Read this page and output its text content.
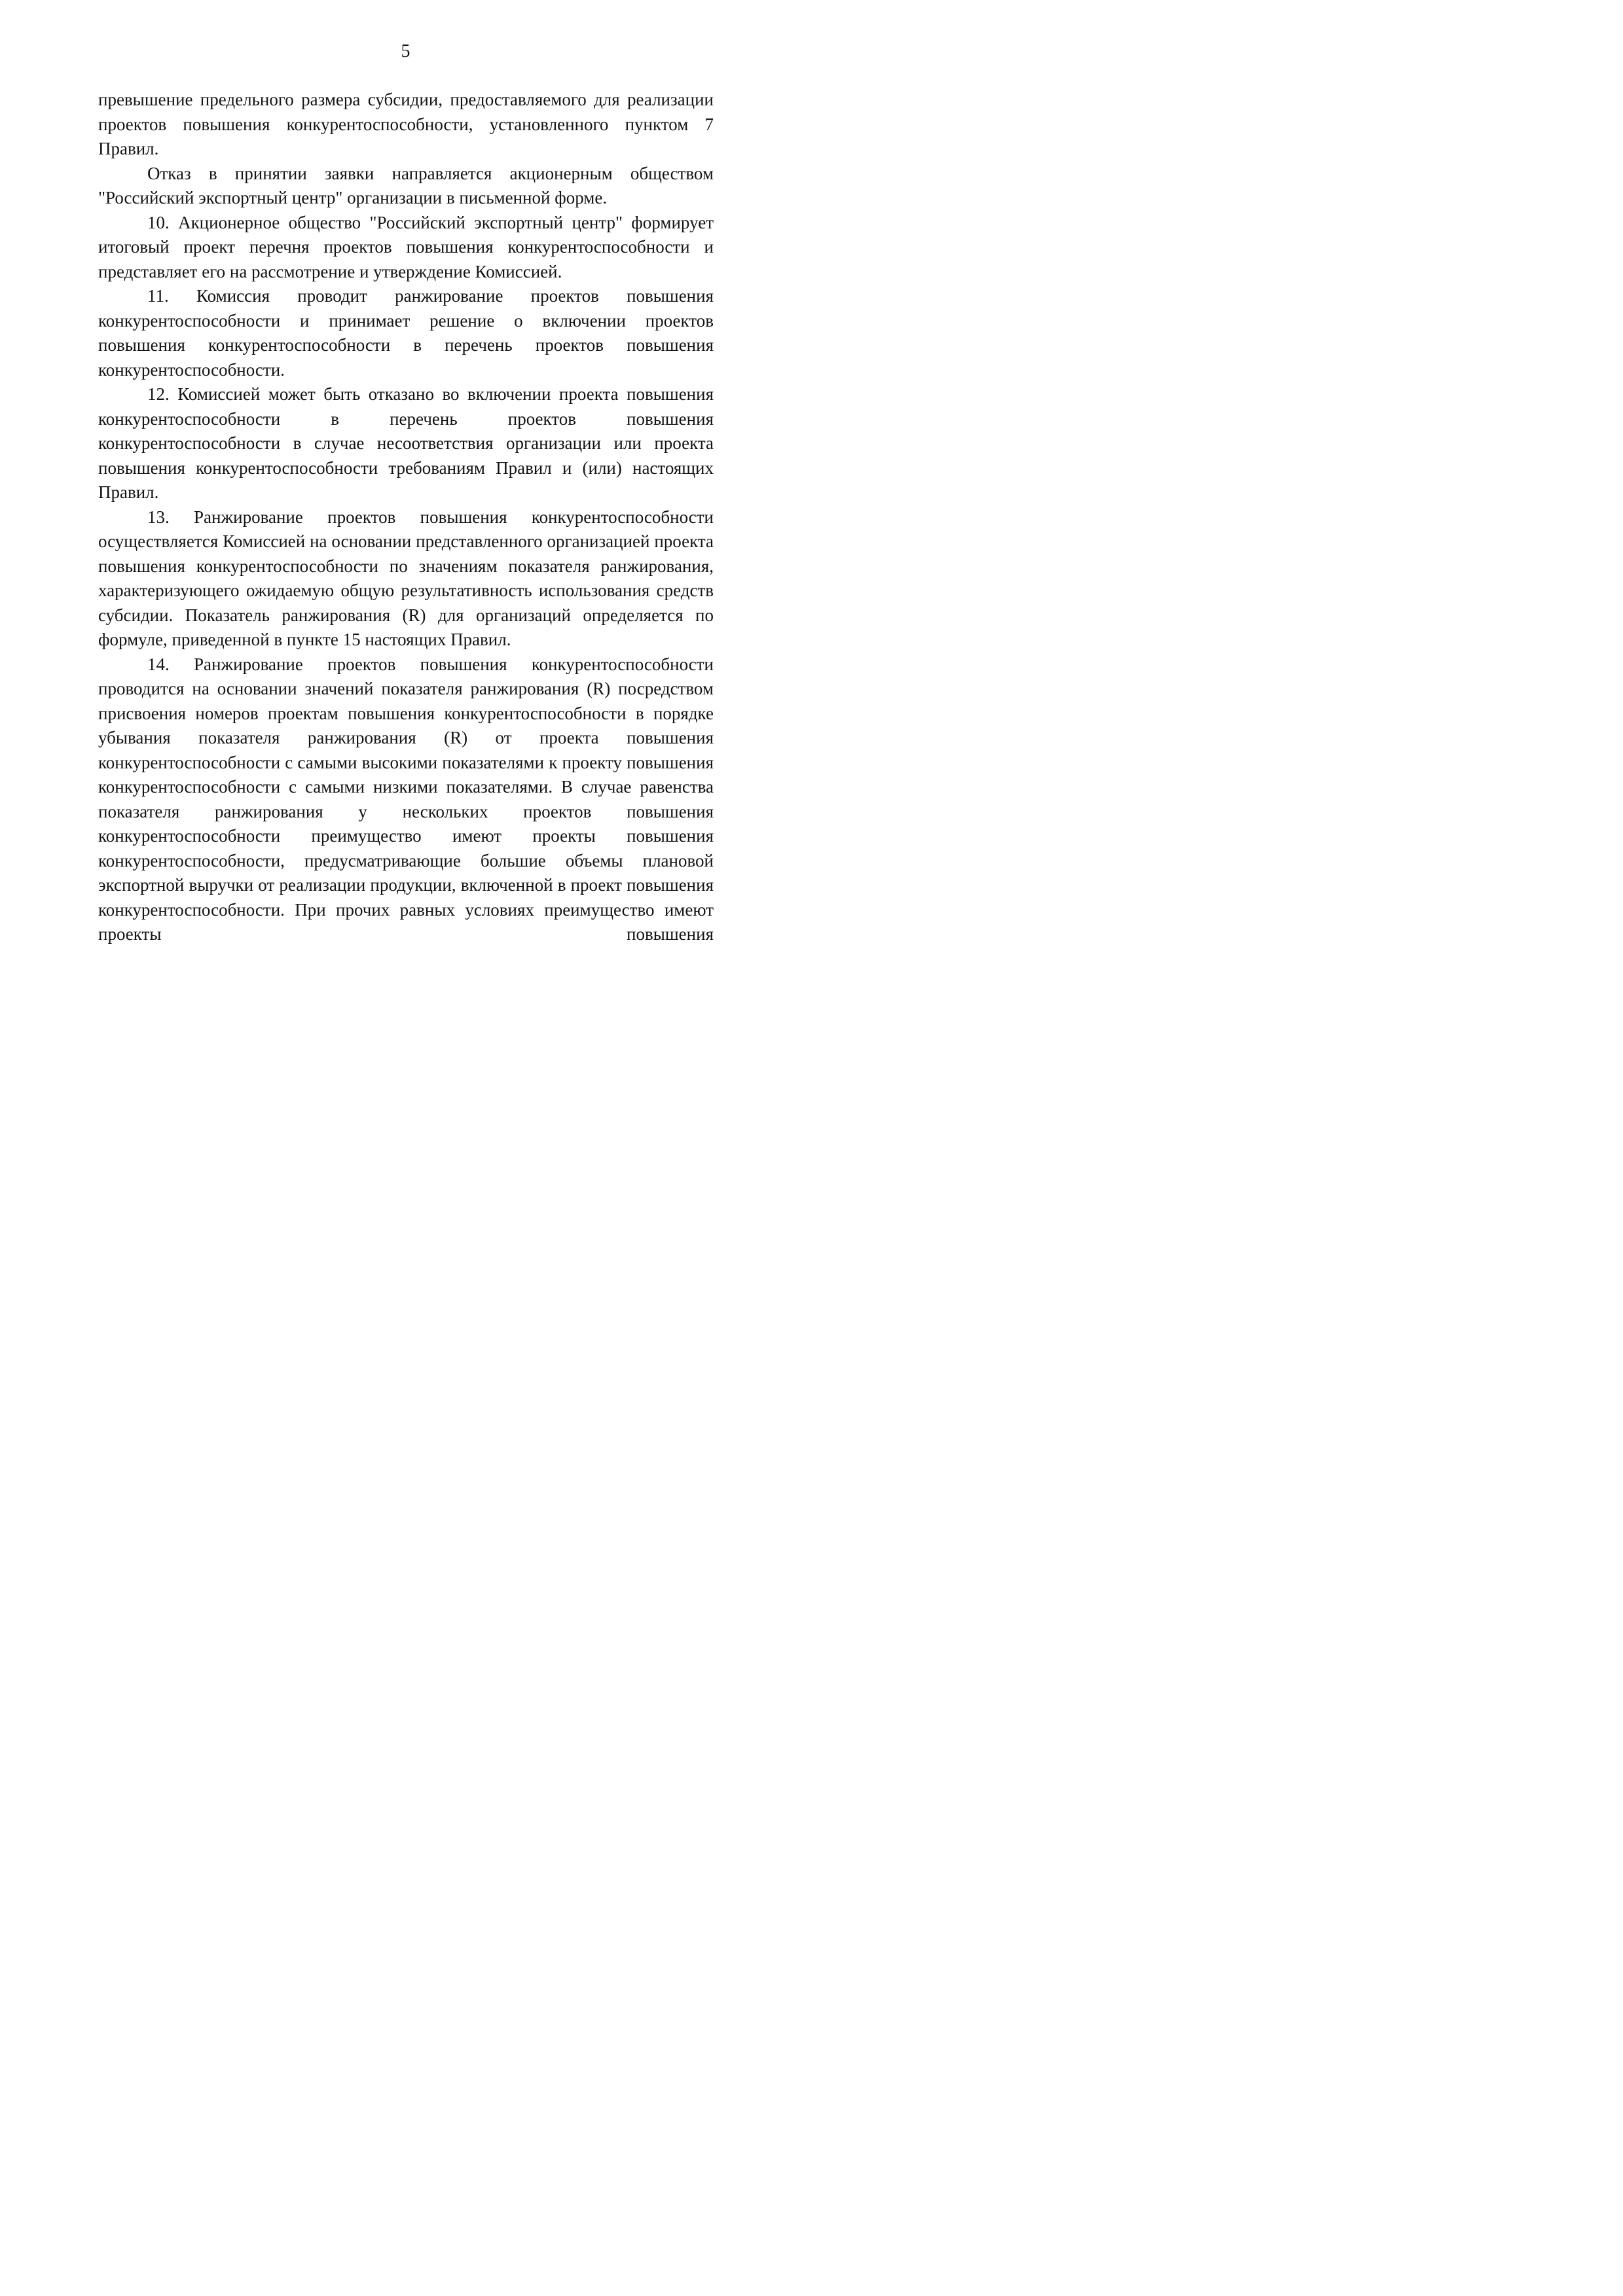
5

превышение предельного размера субсидии, предоставляемого для реализации проектов повышения конкурентоспособности, установленного пунктом 7 Правил.

Отказ в принятии заявки направляется акционерным обществом "Российский экспортный центр" организации в письменной форме.

10. Акционерное общество "Российский экспортный центр" формирует итоговый проект перечня проектов повышения конкурентоспособности и представляет его на рассмотрение и утверждение Комиссией.

11. Комиссия проводит ранжирование проектов повышения конкурентоспособности и принимает решение о включении проектов повышения конкурентоспособности в перечень проектов повышения конкурентоспособности.

12. Комиссией может быть отказано во включении проекта повышения конкурентоспособности в перечень проектов повышения конкурентоспособности в случае несоответствия организации или проекта повышения конкурентоспособности требованиям Правил и (или) настоящих Правил.

13. Ранжирование проектов повышения конкурентоспособности осуществляется Комиссией на основании представленного организацией проекта повышения конкурентоспособности по значениям показателя ранжирования, характеризующего ожидаемую общую результативность использования средств субсидии. Показатель ранжирования (R) для организаций определяется по формуле, приведенной в пункте 15 настоящих Правил.

14. Ранжирование проектов повышения конкурентоспособности проводится на основании значений показателя ранжирования (R) посредством присвоения номеров проектам повышения конкурентоспособности в порядке убывания показателя ранжирования (R) от проекта повышения конкурентоспособности с самыми высокими показателями к проекту повышения конкурентоспособности с самыми низкими показателями. В случае равенства показателя ранжирования у нескольких проектов повышения конкурентоспособности преимущество имеют проекты повышения конкурентоспособности, предусматривающие большие объемы плановой экспортной выручки от реализации продукции, включенной в проект повышения конкурентоспособности. При прочих равных условиях преимущество имеют проекты повышения
